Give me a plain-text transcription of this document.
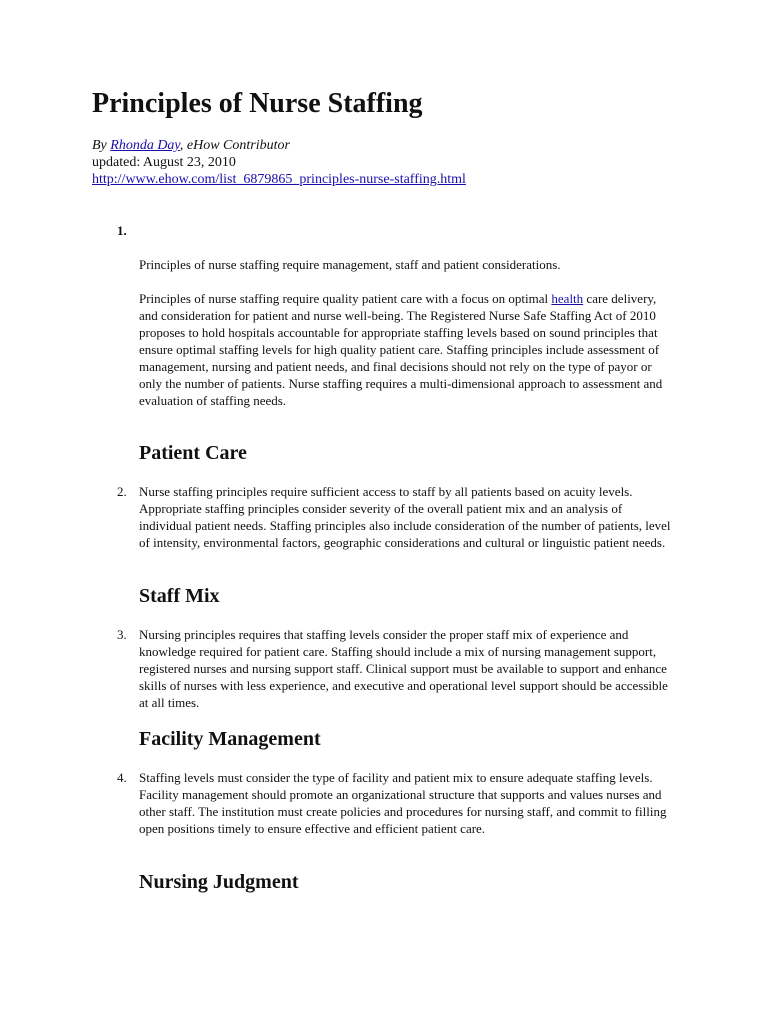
Principles of Nurse Staffing
By Rhonda Day, eHow Contributor
updated: August 23, 2010
http://www.ehow.com/list_6879865_principles-nurse-staffing.html
1.

Principles of nurse staffing require management, staff and patient considerations.

Principles of nurse staffing require quality patient care with a focus on optimal health care delivery, and consideration for patient and nurse well-being. The Registered Nurse Safe Staffing Act of 2010 proposes to hold hospitals accountable for appropriate staffing levels based on sound principles that ensure optimal staffing levels for high quality patient care. Staffing principles include assessment of management, nursing and patient needs, and final decisions should not rely on the type of payor or only the number of patients. Nurse staffing requires a multi-dimensional approach to assessment and evaluation of staffing needs.

Patient Care
2. Nurse staffing principles require sufficient access to staff by all patients based on acuity levels. Appropriate staffing principles consider severity of the overall patient mix and an analysis of individual patient needs. Staffing principles also include consideration of the number of patients, level of intensity, environmental factors, geographic considerations and cultural or linguistic patient needs.

Staff Mix
3. Nursing principles requires that staffing levels consider the proper staff mix of experience and knowledge required for patient care. Staffing should include a mix of nursing management support, registered nurses and nursing support staff. Clinical support must be available to support and enhance skills of nurses with less experience, and executive and operational level support should be accessible at all times.

Facility Management
4. Staffing levels must consider the type of facility and patient mix to ensure adequate staffing levels. Facility management should promote an organizational structure that supports and values nurses and other staff. The institution must create policies and procedures for nursing staff, and commit to filling open positions timely to ensure effective and efficient patient care.

Nursing Judgment
